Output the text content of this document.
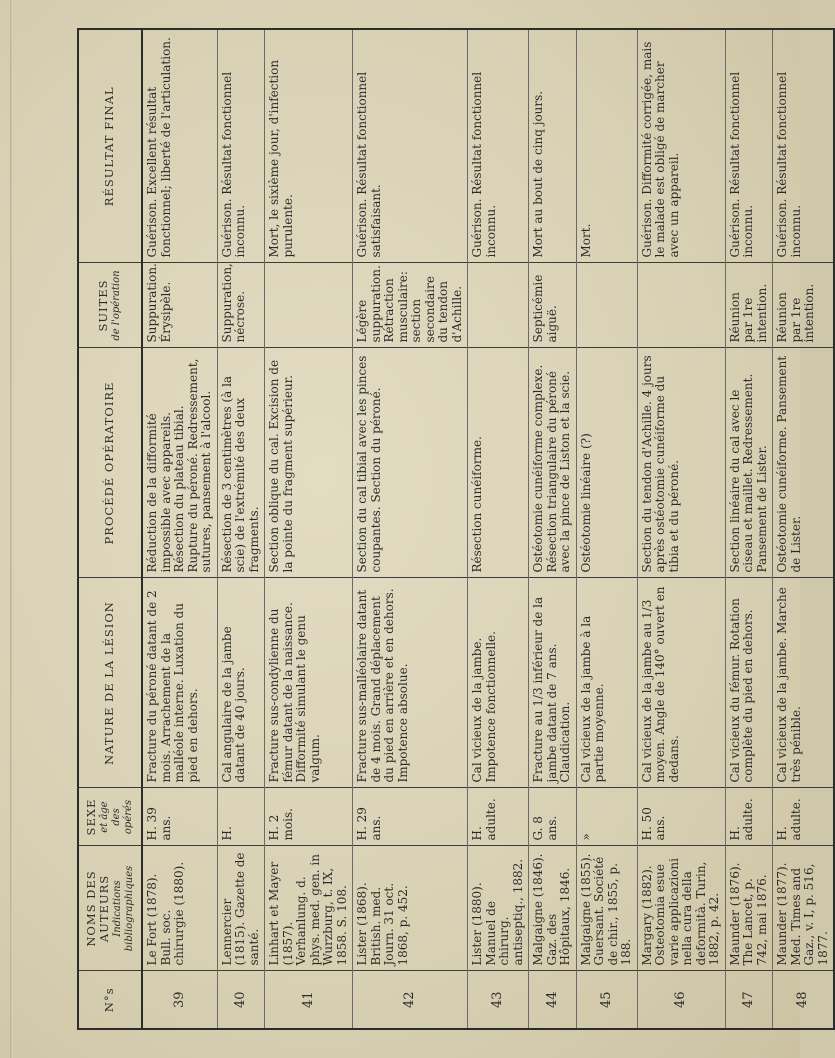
N°s	NOMS DES AUTEURS Indications bibliographiques	SEXE et âge des opérés	NATURE DE LA LÉSION	PROCÉDÉ OPÉRATOIRE	SUITES de l'opération	RÉSULTAT FINAL
39	Le Fort (1878). Bull. soc. chirurgie (1880).	H. 39 ans.	Fracture du péroné datant de 2 mois. Arrachement de la malléole interne. Luxation du pied en dehors.	Réduction de la difformité impossible avec appareils. Résection du plateau tibial. Rupture du péroné. Redressement, sutures, pansement à l'alcool.	Suppuration. Érysipèle.	Guérison. Excellent résultat fonctionnel; liberté de l'articulation.
40	Lennercier (1815). Gazette de santé.	H.	Cal angulaire de la jambe datant de 40 jours.	Résection de 3 centimètres (à la scie) de l'extrémité des deux fragments.	Suppuration, nécrose.	Guérison. Résultat fonctionnel inconnu.
41	Linhart et Mayer (1857). Verhanlung. d. phys. med. gen. in Wurzburg, t. IX, 1858. S. 108.	H. 2 mois.	Fracture sus-condylienne du fémur datant de la naissance. Difformité simulant le genu valgum.	Section oblique du cal. Excision de la pointe du fragment supérieur.		Mort, le sixième jour, d'infection purulente.
42	Lister (1868). British. med. Journ. 31 oct. 1868, p. 452.	H. 29 ans.	Fracture sus-malléolaire datant de 4 mois. Grand déplacement du pied en arrière et en dehors. Impotence absolue.	Section du cal tibial avec les pinces coupantes. Section du péroné.	Légère suppuration. Rétraction musculaire: section secondaire du tendon d'Achille.	Guérison. Résultat fonctionnel satisfaisant.
43	Lister (1880). Manuel de chirurg. antiseptiq., 1882.	H. adulte.	Cal vicieux de la jambe. Impotence fonctionnelle.	Résection cunéiforme.		Guérison. Résultat fonctionnel inconnu.
44	Malgaigne (1846). Gaz. des Hôpitaux, 1846.	G. 8 ans.	Fracture au 1/3 inférieur de la jambe datant de 7 ans. Claudication.	Ostéotomie cunéiforme complexe. Résection triangulaire du péroné avec la pince de Liston et la scie.	Septicémie aiguë.	Mort au bout de cinq jours.
45	Malgaigne (1855). Guersant. Société de chir., 1855, p. 188.	»	Cal vicieux de la jambe à la partie moyenne.	Ostéotomie linéaire (?)		Mort.
46	Margary (1882). Osteotomia esue varie applicazioni nella cura della deformità. Turin, 1882, p. 42.	H. 50 ans.	Cal vicieux de la jambe au 1/3 moyen. Angle de 140° ouvert en dedans.	Section du tendon d'Achille. 4 jours après ostéotomie cunéiforme du tibia et du péroné.		Guérison. Difformité corrigée, mais le malade est obligé de marcher avec un appareil.
47	Maunder (1876). The Lancet, p. 742, mai 1876.	H. adulte.	Cal vicieux du fémur. Rotation complète du pied en dehors.	Section linéaire du cal avec le ciseau et maillet. Redressement. Pansement de Lister.	Réunion par 1re intention.	Guérison. Résultat fonctionnel inconnu.
48	Maunder (1877). Med. Times and Gaz., v. I, p. 516, 1877.	H. adulte.	Cal vicieux de la jambe. Marche très pénible.	Ostéotomie cunéiforme. Pansement de Lister.	Réunion par 1re intention.	Guérison. Résultat fonctionnel inconnu.
